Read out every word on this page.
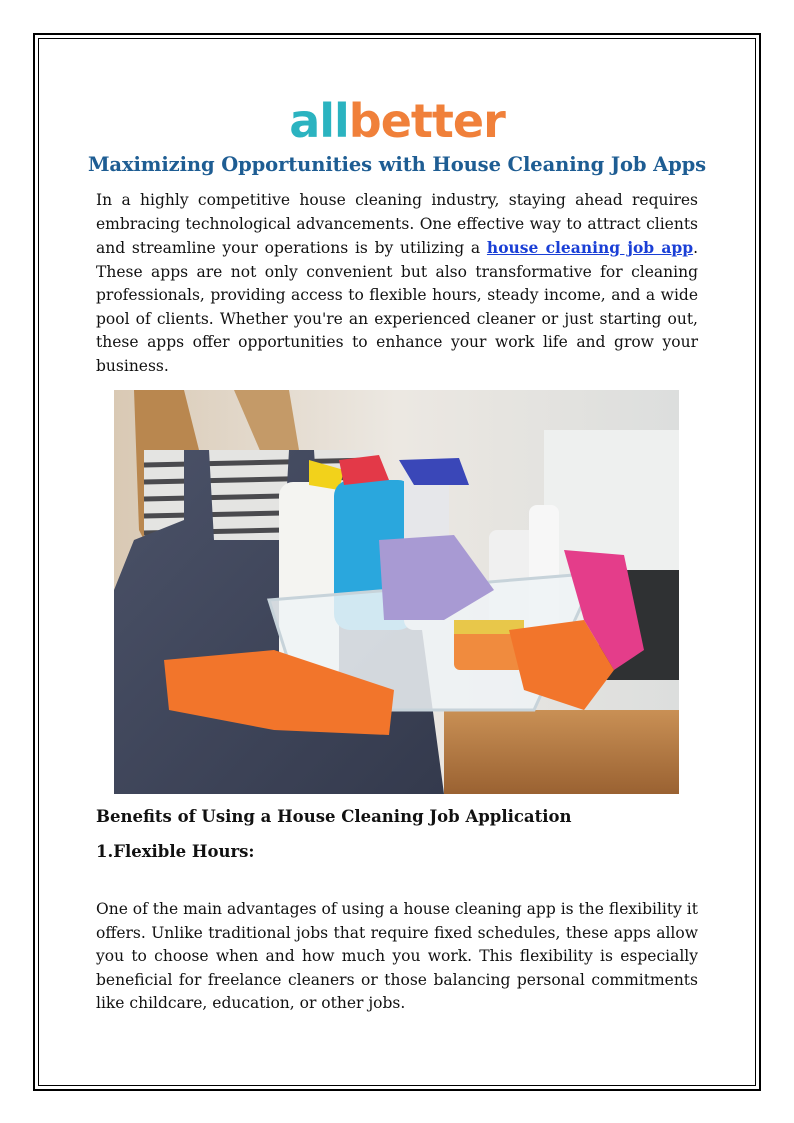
allbetter
Maximizing Opportunities with House Cleaning Job Apps

In a highly competitive house cleaning industry, staying ahead requires embracing technological advancements. One effective way to attract clients and streamline your operations is by utilizing a house cleaning job app. These apps are not only convenient but also transformative for cleaning professionals, providing access to flexible hours, steady income, and a wide pool of clients. Whether you're an experienced cleaner or just starting out, these apps offer opportunities to enhance your work life and grow your business.

Benefits of Using a House Cleaning Job Application
1.Flexible Hours:

One of the main advantages of using a house cleaning app is the flexibility it offers. Unlike traditional jobs that require fixed schedules, these apps allow you to choose when and how much you work. This flexibility is especially beneficial for freelance cleaners or those balancing personal commitments like childcare, education, or other jobs.
